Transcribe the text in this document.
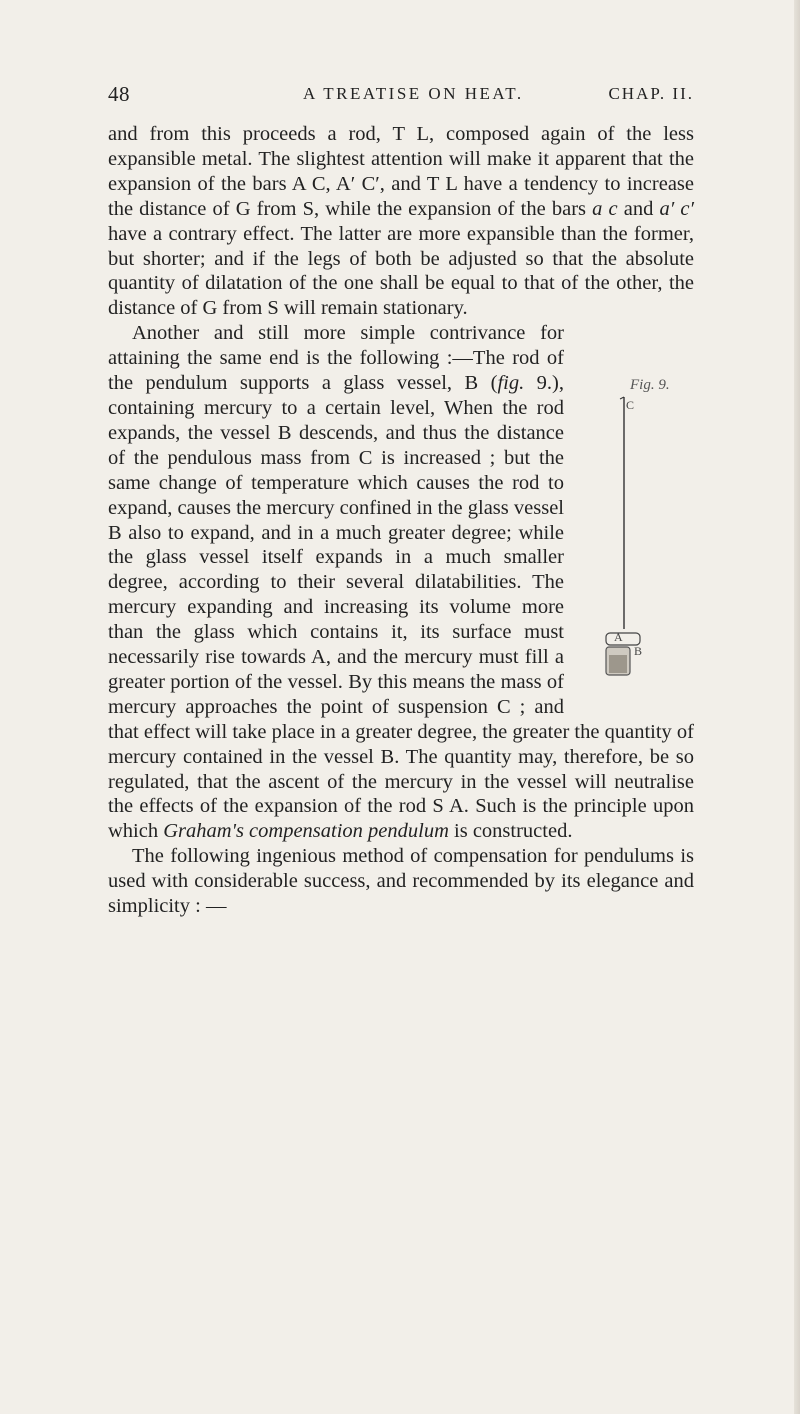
48	A TREATISE ON HEAT.	CHAP. II.

and from this proceeds a rod, T L, composed again of the less expansible metal. The slightest attention will make it apparent that the expansion of the bars A C, A′ C′, and T L have a tendency to increase the distance of G from S, while the expansion of the bars a c and a′ c′ have a contrary effect. The latter are more expansible than the former, but shorter; and if the legs of both be adjusted so that the absolute quantity of dilatation of the one shall be equal to that of the other, the distance of G from S will remain stationary.

Fig. 9.
C
A
B
Another and still more simple contrivance for attaining the same end is the following :—The rod of the pendulum supports a glass vessel, B (fig. 9.), containing mercury to a certain level, When the rod expands, the vessel B descends, and thus the distance of the pendulous mass from C is increased ; but the same change of temperature which causes the rod to expand, causes the mercury confined in the glass vessel B also to expand, and in a much greater degree; while the glass vessel itself expands in a much smaller degree, according to their several dilatabilities. The mercury expanding and increasing its volume more than the glass which contains it, its surface must necessarily rise towards A, and the mercury must fill a greater portion of the vessel. By this means the mass of mercury approaches the point of suspension C ; and that effect will take place in a greater degree, the greater the quantity of mercury contained in the vessel B. The quantity may, therefore, be so regulated, that the ascent of the mercury in the vessel will neutralise the effects of the expansion of the rod S A. Such is the principle upon which Graham's compensation pendulum is constructed.

The following ingenious method of compensation for pendulums is used with considerable success, and recommended by its elegance and simplicity : —
